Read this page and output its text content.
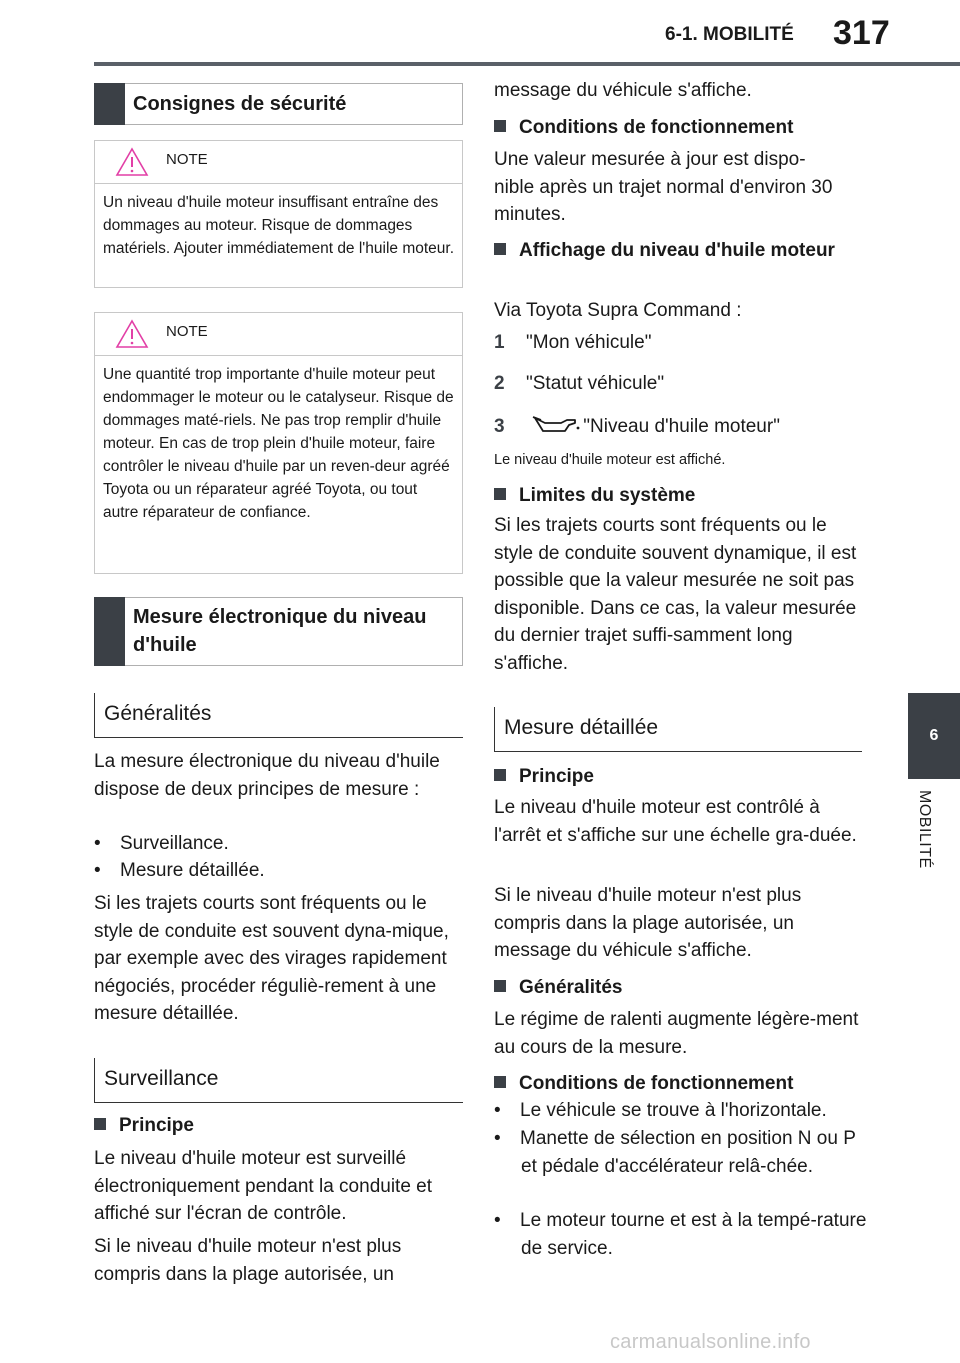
6-1. MOBILITÉ 317
6
MOBILITÉ
Consignes de sécurité
NOTE
Un niveau d'huile moteur insuffisant entraîne des dommages au moteur. Risque de dommages matériels. Ajouter immédiatement de l'huile moteur.
NOTE
Une quantité trop importante d'huile moteur peut endommager le moteur ou le catalyseur. Risque de dommages maté-riels. Ne pas trop remplir d'huile moteur. En cas de trop plein d'huile moteur, faire contrôler le niveau d'huile par un reven-deur agréé Toyota ou un réparateur agréé Toyota, ou tout autre réparateur de confiance.
Mesure électronique du niveau d'huile
Généralités

La mesure électronique du niveau d'huile dispose de deux principes de mesure :

• Surveillance.
• Mesure détaillée.

Si les trajets courts sont fréquents ou le style de conduite est souvent dyna-mique, par exemple avec des virages rapidement négociés, procéder réguliè-rement à une mesure détaillée.

Surveillance
Principe

Le niveau d'huile moteur est surveillé électroniquement pendant la conduite et affiché sur l'écran de contrôle.

Si le niveau d'huile moteur n'est plus compris dans la plage autorisée, un

message du véhicule s'affiche.

Conditions de fonctionnement

Une valeur mesurée à jour est dispo-nible après un trajet normal d'environ 30 minutes.

Affichage du niveau d'huile moteur

Via Toyota Supra Command :

1 "Mon véhicule"
2 "Statut véhicule"
3	"Niveau d'huile moteur"
Le niveau d'huile moteur est affiché.
Limites du système

Si les trajets courts sont fréquents ou le style de conduite souvent dynamique, il est possible que la valeur mesurée ne soit pas disponible. Dans ce cas, la valeur mesurée du dernier trajet suffi-samment long s'affiche.

Mesure détaillée
Principe

Le niveau d'huile moteur est contrôlé à l'arrêt et s'affiche sur une échelle gra-duée.

Si le niveau d'huile moteur n'est plus compris dans la plage autorisée, un message du véhicule s'affiche.

Généralités

Le régime de ralenti augmente légère-ment au cours de la mesure.

Conditions de fonctionnement
• Le véhicule se trouve à l'horizontale.
• Manette de sélection en position N ou P et pédale d'accélérateur relâ-chée.
• Le moteur tourne et est à la tempé-rature de service.
carmanualsonline.info
